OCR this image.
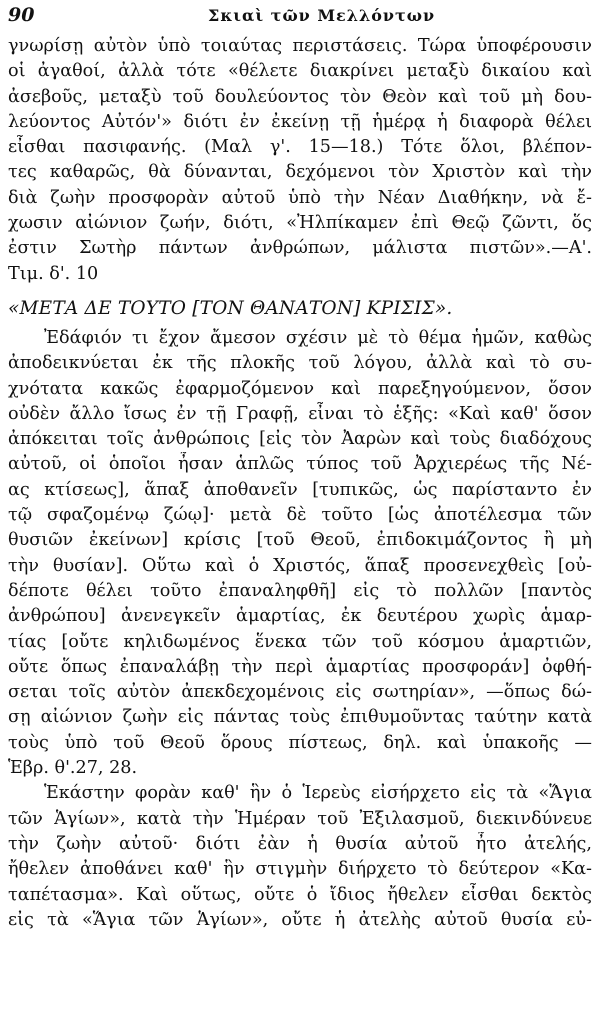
90	Σκιαὶ τῶν Μελλόντων
γνωρίσῃ αὐτὸν ὑπὸ τοιαύτας περιστάσεις. Τώρα ὑποφέρουσιν
οἱ ἀγαθοί, ἀλλὰ τότε «θέλετε διακρίνει μεταξὺ δικαίου καὶ
ἀσεβοῦς, μεταξὺ τοῦ δουλεύοντος τὸν Θεὸν καὶ τοῦ μὴ δου-
λεύοντος Αὐτόν'» διότι ἐν ἐκείνῃ τῇ ἡμέρᾳ ἡ διαφορὰ θέλει
εἶσθαι πασιφανής. (Μαλ γ'. 15—18.) Τότε ὅλοι, βλέπον-
τες καθαρῶς, θὰ δύνανται, δεχόμενοι τὸν Χριστὸν καὶ τὴν
διὰ ζωὴν προσφορὰν αὐτοῦ ὑπὸ τὴν Νέαν Διαθήκην, νὰ ἔ-
χωσιν αἰώνιον ζωήν, διότι, «Ἠλπίκαμεν ἐπὶ Θεῷ ζῶντι, ὅς
ἐστιν Σωτὴρ πάντων ἀνθρώπων, μάλιστα πιστῶν».—Α'.
Τιμ. δ'. 10
«ΜΕΤΑ ΔΕ ΤΟΥΤΟ [ΤΟΝ ΘΑΝΑΤΟΝ] ΚΡΙΣΙΣ».
Ἐδάφιόν τι ἔχον ἄμεσον σχέσιν μὲ τὸ θέμα ἡμῶν, καθὼς
ἀποδεικνύεται ἐκ τῆς πλοκῆς τοῦ λόγου, ἀλλὰ καὶ τὸ συ-
χνότατα κακῶς ἐφαρμοζόμενον καὶ παρεξηγούμενον, ὅσον
οὐδὲν ἄλλο ἴσως ἐν τῇ Γραφῇ, εἶναι τὸ ἑξῆς: «Καὶ καθ' ὅσον
ἀπόκειται τοῖς ἀνθρώποις [εἰς τὸν Ἀαρὼν καὶ τοὺς διαδόχους
αὐτοῦ, οἱ ὁποῖοι ἦσαν ἁπλῶς τύπος τοῦ Ἀρχιερέως τῆς Νέ-
ας κτίσεως], ἅπαξ ἀποθανεῖν [τυπικῶς, ὡς παρίσταντο ἐν
τῷ σφαζομένῳ ζώῳ]· μετὰ δὲ τοῦτο [ὡς ἀποτέλεσμα τῶν
θυσιῶν ἐκείνων] κρίσις [τοῦ Θεοῦ, ἐπιδοκιμάζοντος ἢ μὴ
τὴν θυσίαν]. Οὕτω καὶ ὁ Χριστός, ἅπαξ προσενεχθεὶς [οὐ-
δέποτε θέλει τοῦτο ἐπαναληφθῆ] εἰς τὸ πολλῶν [παντὸς
ἀνθρώπου] ἀνενεγκεῖν ἁμαρτίας, ἐκ δευτέρου χωρὶς ἁμαρ-
τίας [οὔτε κηλιδωμένος ἕνεκα τῶν τοῦ κόσμου ἁμαρτιῶν,
οὔτε ὅπως ἐπαναλάβῃ τὴν περὶ ἁμαρτίας προσφοράν] ὀφθή-
σεται τοῖς αὐτὸν ἀπεκδεχομένοις εἰς σωτηρίαν», —ὅπως δώ-
σῃ αἰώνιον ζωὴν εἰς πάντας τοὺς ἐπιθυμοῦντας ταύτην κατὰ
τοὺς ὑπὸ τοῦ Θεοῦ ὅρους πίστεως, δηλ. καὶ ὑπακοῆς —
Ἑβρ. θ'.27, 28.
Ἑκάστην φορὰν καθ' ἣν ὁ Ἱερεὺς εἰσήρχετο εἰς τὰ «Ἅγια
τῶν Ἁγίων», κατὰ τὴν Ἡμέραν τοῦ Ἐξιλασμοῦ, διεκινδύνευε
τὴν ζωὴν αὐτοῦ· διότι ἐὰν ἡ θυσία αὐτοῦ ἦτο ἀτελής,
ἤθελεν ἀποθάνει καθ' ἣν στιγμὴν διήρχετο τὸ δεύτερον «Κα-
ταπέτασμα». Καὶ οὕτως, οὔτε ὁ ἴδιος ἤθελεν εἶσθαι δεκτὸς
εἰς τὰ «Ἅγια τῶν Ἁγίων», οὔτε ἡ ἀτελὴς αὐτοῦ θυσία εὐ-
